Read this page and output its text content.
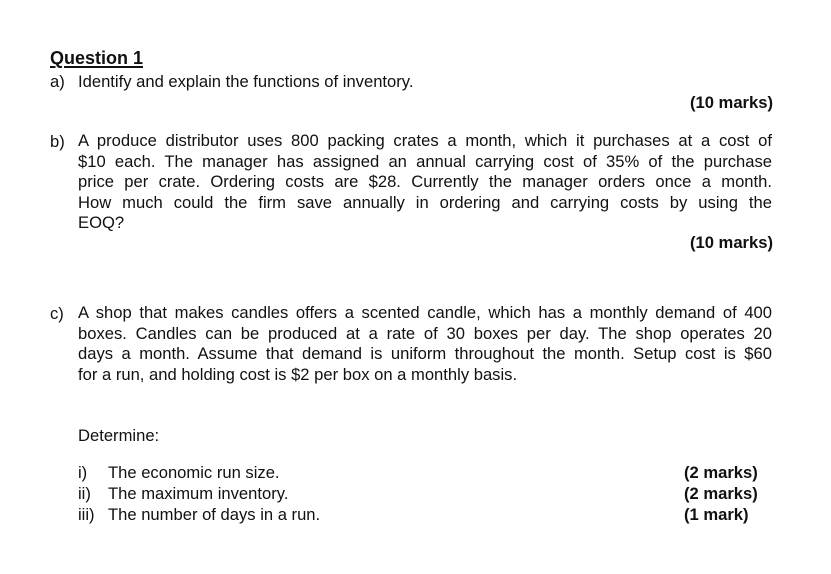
Question 1
a) Identify and explain the functions of inventory.
(10 marks)
b) A produce distributor uses 800 packing crates a month, which it purchases at a cost of
$10 each. The manager has assigned an annual carrying cost of 35% of the purchase
price per crate. Ordering costs are $28. Currently the manager orders once a month.
How much could the firm save annually in ordering and carrying costs by using the
EOQ?
(10 marks)
c) A shop that makes candles offers a scented candle, which has a monthly demand of 400
boxes. Candles can be produced at a rate of 30 boxes per day. The shop operates 20
days a month. Assume that demand is uniform throughout the month. Setup cost is $60
for a run, and holding cost is $2 per box on a monthly basis.
Determine:
i) The economic run size.	(2 marks)
ii) The maximum inventory.	(2 marks)
iii) The number of days in a run.	(1 mark)
